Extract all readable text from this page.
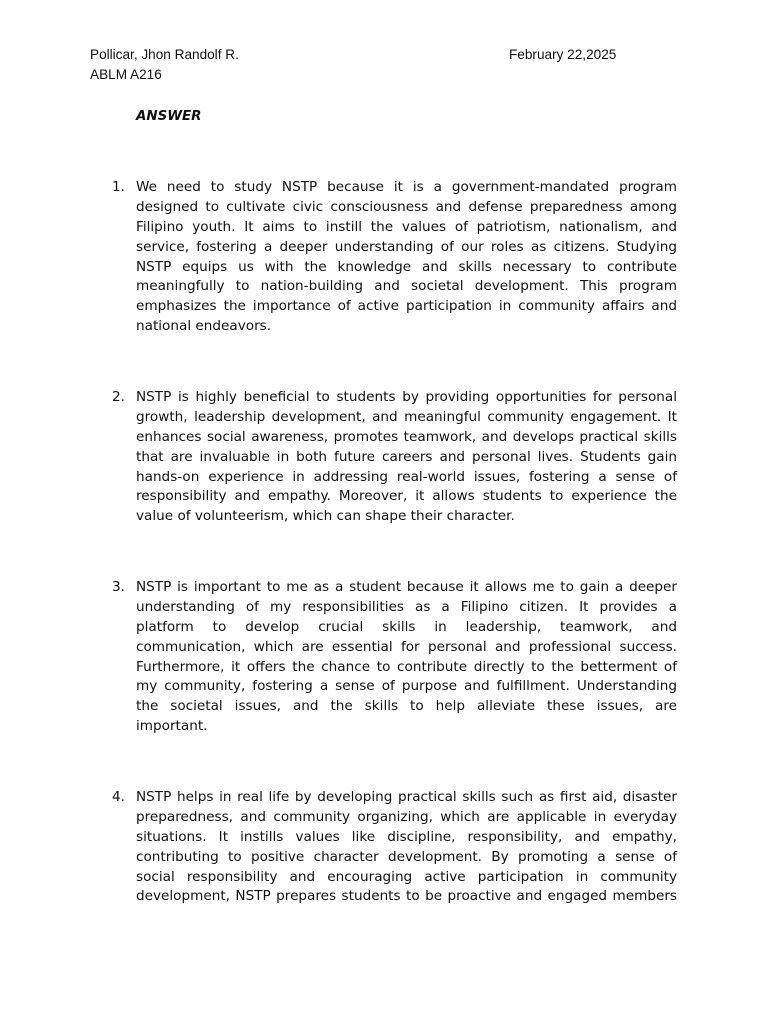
Pollicar, Jhon Randolf R.
ABLM A216
February 22,2025
ANSWER
1. We need to study NSTP because it is a government-mandated program
designed to cultivate civic consciousness and defense preparedness among
Filipino youth. It aims to instill the values of patriotism, nationalism, and
service, fostering a deeper understanding of our roles as citizens. Studying
NSTP equips us with the knowledge and skills necessary to contribute
meaningfully to nation-building and societal development. This program
emphasizes the importance of active participation in community affairs and
national endeavors.
2. NSTP is highly beneficial to students by providing opportunities for personal
growth, leadership development, and meaningful community engagement. It
enhances social awareness, promotes teamwork, and develops practical skills
that are invaluable in both future careers and personal lives. Students gain
hands-on experience in addressing real-world issues, fostering a sense of
responsibility and empathy. Moreover, it allows students to experience the
value of volunteerism, which can shape their character.
3. NSTP is important to me as a student because it allows me to gain a deeper
understanding of my responsibilities as a Filipino citizen. It provides a
platform to develop crucial skills in leadership, teamwork, and
communication, which are essential for personal and professional success.
Furthermore, it offers the chance to contribute directly to the betterment of
my community, fostering a sense of purpose and fulfillment. Understanding
the societal issues, and the skills to help alleviate these issues, are
important.
4. NSTP helps in real life by developing practical skills such as first aid, disaster
preparedness, and community organizing, which are applicable in everyday
situations. It instills values like discipline, responsibility, and empathy,
contributing to positive character development. By promoting a sense of
social responsibility and encouraging active participation in community
development, NSTP prepares students to be proactive and engaged members
